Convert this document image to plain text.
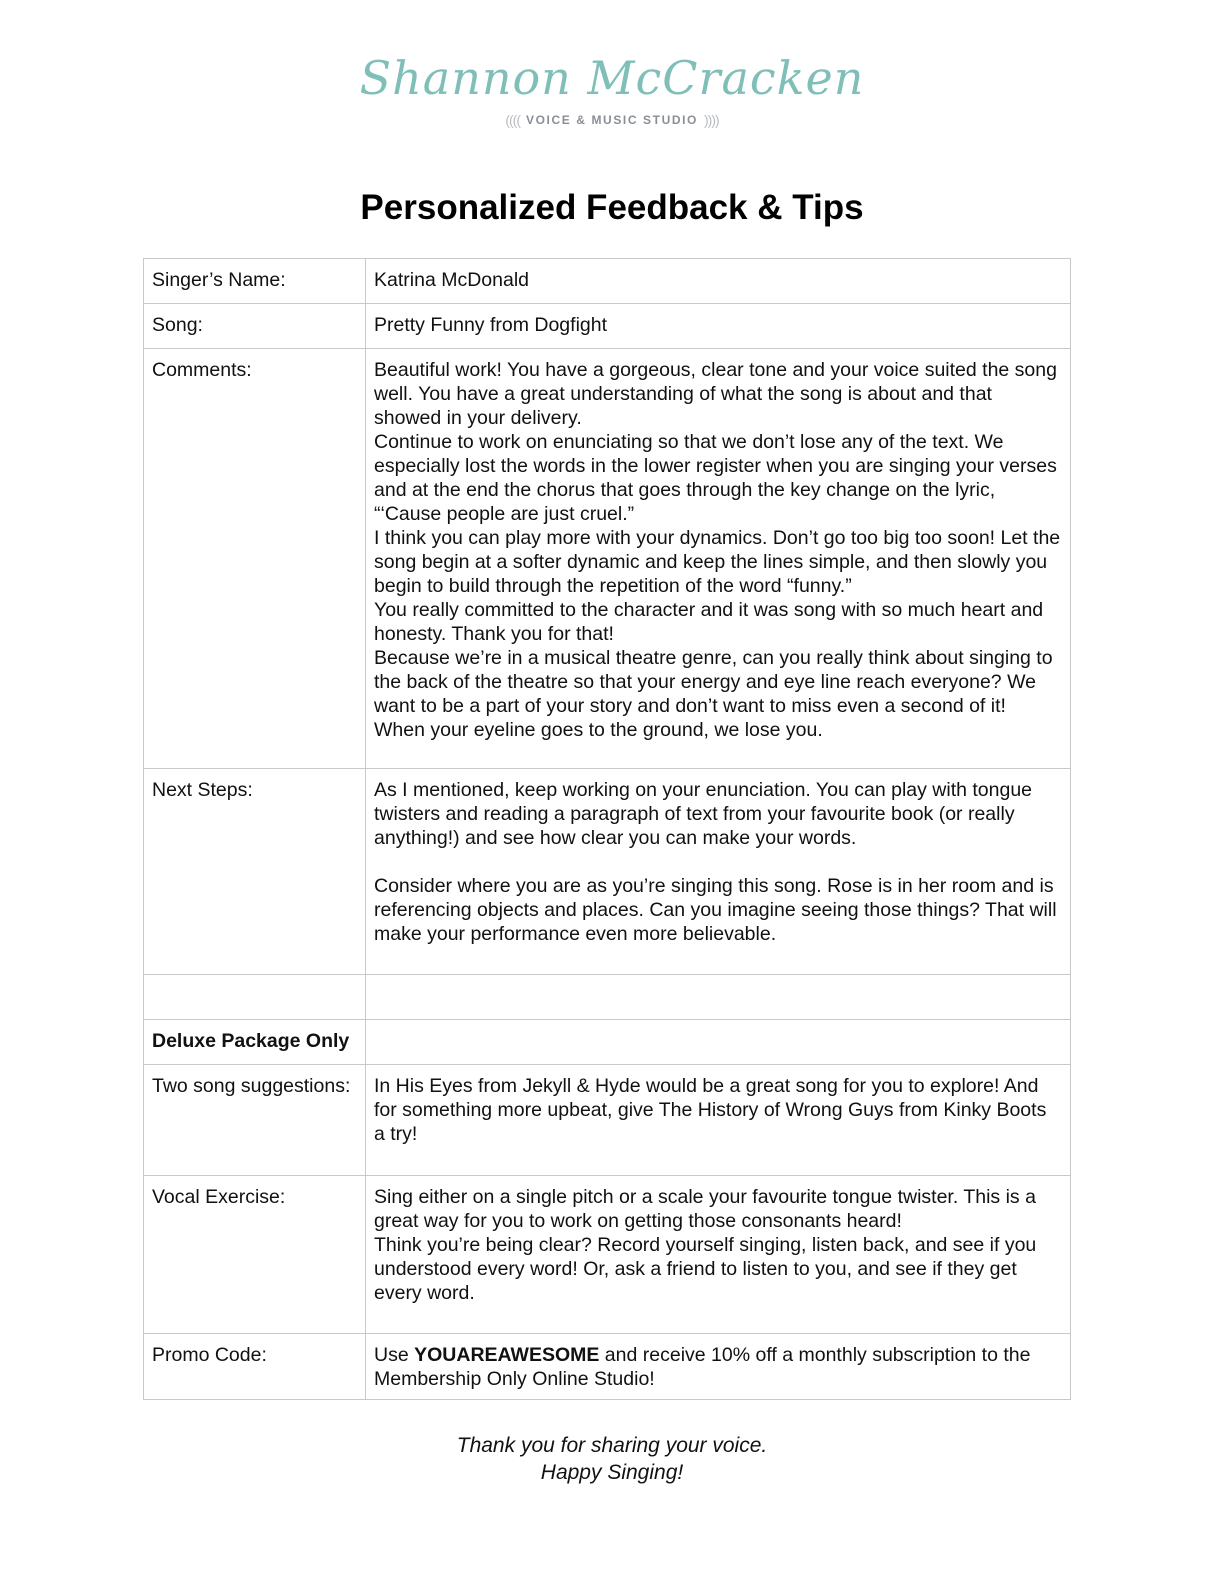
Shannon McCracken
(((( VOICE & MUSIC STUDIO ))))
Personalized Feedback & Tips
Singer’s Name:	Katrina McDonald
Song:	Pretty Funny from Dogfight
Comments:	Beautiful work! You have a gorgeous, clear tone and your voice suited the song well. You have a great understanding of what the song is about and that showed in your delivery.
Continue to work on enunciating so that we don’t lose any of the text. We especially lost the words in the lower register when you are singing your verses and at the end the chorus that goes through the key change on the lyric, “‘Cause people are just cruel.”
I think you can play more with your dynamics. Don’t go too big too soon! Let the song begin at a softer dynamic and keep the lines simple, and then slowly you begin to build through the repetition of the word “funny.”
You really committed to the character and it was song with so much heart and honesty. Thank you for that!
Because we’re in a musical theatre genre, can you really think about singing to the back of the theatre so that your energy and eye line reach everyone? We want to be a part of your story and don’t want to miss even a second of it! When your eyeline goes to the ground, we lose you.

Next Steps:	As I mentioned, keep working on your enunciation. You can play with tongue twisters and reading a paragraph of text from your favourite book (or really anything!) and see how clear you can make your words.
Consider where you are as you’re singing this song. Rose is in her room and is referencing objects and places. Can you imagine seeing those things? That will make your performance even more believable.

Deluxe Package Only	
Two song suggestions:	In His Eyes from Jekyll & Hyde would be a great song for you to explore! And for something more upbeat, give The History of Wrong Guys from Kinky Boots a try!
Vocal Exercise:	Sing either on a single pitch or a scale your favourite tongue twister. This is a great way for you to work on getting those consonants heard!
Think you’re being clear? Record yourself singing, listen back, and see if you understood every word! Or, ask a friend to listen to you, and see if they get every word.

Promo Code:	Use YOUAREAWESOME and receive 10% off a monthly subscription to the Membership Only Online Studio!
Thank you for sharing your voice.
Happy Singing!
